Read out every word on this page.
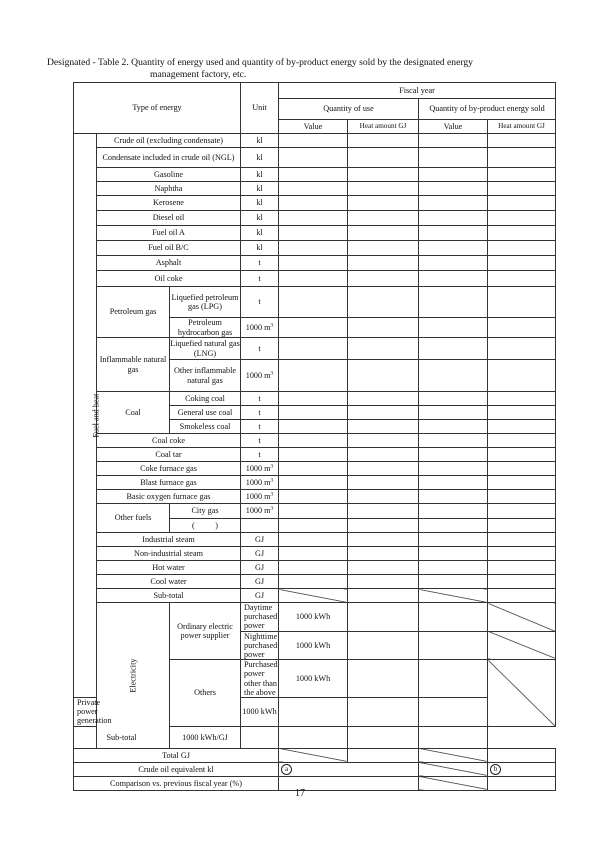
Designated - Table 2. Quantity of energy used and quantity of by-product energy sold by the designated energy
management factory, etc.
Type of energy			Unit	Fiscal year				
				Quantity of use		Quantity of by-product energy sold		
				Value	Heat amount GJ	Value	Heat amount GJ	
Fuel and heat	Crude oil (excluding condensate)		kl					
	Condensate included in crude oil (NGL)		kl					
	Gasoline		kl					
	Naphtha		kl					
	Kerosene		kl					
	Diesel oil		kl					
	Fuel oil A		kl					
	Fuel oil B/C		kl					
	Asphalt		t					
	Oil coke		t					
	Petroleum gas	Liquefied petroleum gas (LPG)	t					
		Petroleum hydrocarbon gas	1000 $m^3$				
	Inflammable natural gas	Liquefied natural gas (LNG)	t					
		Other inflammable natural gas	1000 $m^3$				
	Coal	Coking coal	t					
		General use coal	t					
		Smokeless coal	t					
	Coal coke		t					
	Coal tar		t					
	Coke furnace gas		1000 $m^3$				
	Blast furnace gas		1000 $m^3$				
	Basic oxygen furnace gas		1000 $m^3$				
	Other fuels	City gas	1000 $m^3$				
		(          )						
	Industrial steam		GJ					
	Non-industrial steam		GJ					
	Hot water		GJ					
	Cool water		GJ					
	Sub-total		GJ					
	Electricity	Ordinary electric power supplier	Daytime purchased power	1000 kWh				
			Nighttime purchased power	1000 kWh				
		Others	Purchased power other than the above	1000 kWh				
Private power generation			1000 kWh					
Sub-total		1000 kWh/GJ						
Total GJ								
Crude oil equivalent kl				a			b	
Comparison vs. previous fiscal year (%)								
17
